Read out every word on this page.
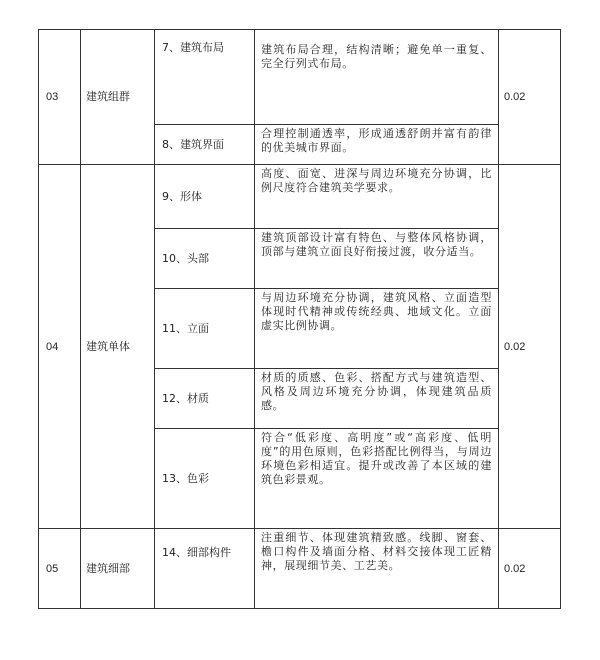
03	建筑组群	7、建筑布局	建筑布局合理，结构清晰；避免单一重复、完全行列式布局。	0.02
		8、建筑界面	合理控制通透率，形成通透舒朗并富有韵律的优美城市界面。	
04	建筑单体	9、形体	高度、面宽、进深与周边环境充分协调，比例尺度符合建筑美学要求。	0.02
		10、头部	建筑顶部设计富有特色、与整体风格协调，顶部与建筑立面良好衔接过渡，收分适当。	
		11、立面	与周边环境充分协调，建筑风格、立面造型体现时代精神或传统经典、地域文化。立面虚实比例协调。	
		12、材质	材质的质感、色彩、搭配方式与建筑造型、风格及周边环境充分协调，体现建筑品质感。	
		13、色彩	符合“低彩度、高明度”或“高彩度、低明度”的用色原则，色彩搭配比例得当，与周边环境色彩相适宜。提升或改善了本区域的建筑色彩景观。	
05	建筑细部	14、细部构件	注重细节、体现建筑精致感。线脚、窗套、檐口构件及墙面分格、材料交接体现工匠精神，展现细节美、工艺美。	0.02
